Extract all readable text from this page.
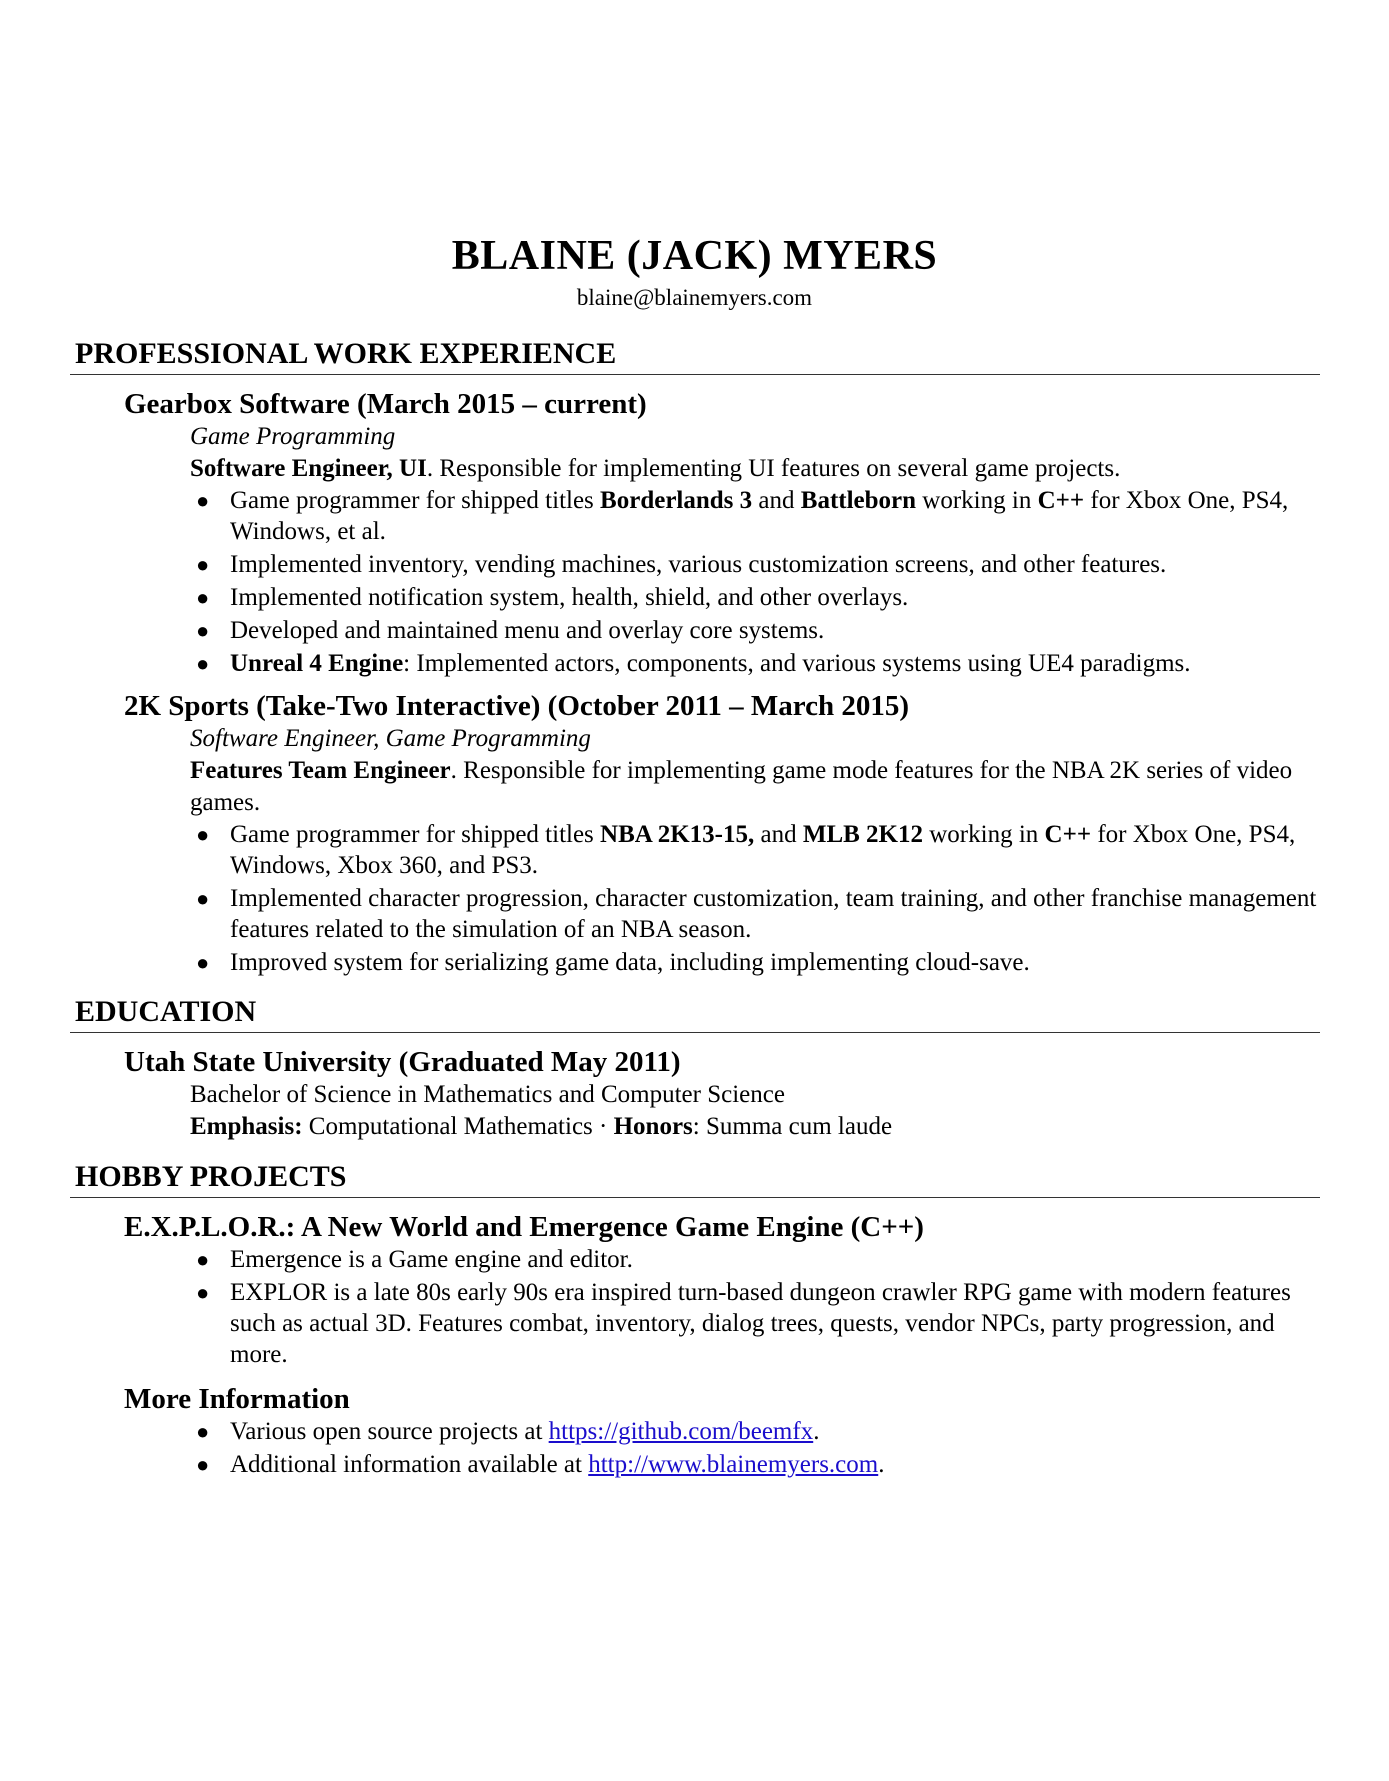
BLAINE (JACK) MYERS
blaine@blainemyers.com
PROFESSIONAL WORK EXPERIENCE
Gearbox Software (March 2015 – current)
Game Programming
Software Engineer, UI. Responsible for implementing UI features on several game projects.
● Game programmer for shipped titles Borderlands 3 and Battleborn working in C++ for Xbox One, PS4, Windows, et al.
● Implemented inventory, vending machines, various customization screens, and other features.
● Implemented notification system, health, shield, and other overlays.
● Developed and maintained menu and overlay core systems.
● Unreal 4 Engine: Implemented actors, components, and various systems using UE4 paradigms.
2K Sports (Take-Two Interactive) (October 2011 – March 2015)
Software Engineer, Game Programming
Features Team Engineer. Responsible for implementing game mode features for the NBA 2K series of video games.
● Game programmer for shipped titles NBA 2K13-15, and MLB 2K12 working in C++ for Xbox One, PS4, Windows, Xbox 360, and PS3.
● Implemented character progression, character customization, team training, and other franchise management features related to the simulation of an NBA season.
● Improved system for serializing game data, including implementing cloud-save.
EDUCATION
Utah State University (Graduated May 2011)
Bachelor of Science in Mathematics and Computer Science
Emphasis: Computational Mathematics · Honors: Summa cum laude
HOBBY PROJECTS
E.X.P.L.O.R.: A New World and Emergence Game Engine (C++)
● Emergence is a Game engine and editor.
● EXPLOR is a late 80s early 90s era inspired turn-based dungeon crawler RPG game with modern features such as actual 3D. Features combat, inventory, dialog trees, quests, vendor NPCs, party progression, and more.
More Information
● Various open source projects at https://github.com/beemfx.
● Additional information available at http://www.blainemyers.com.
